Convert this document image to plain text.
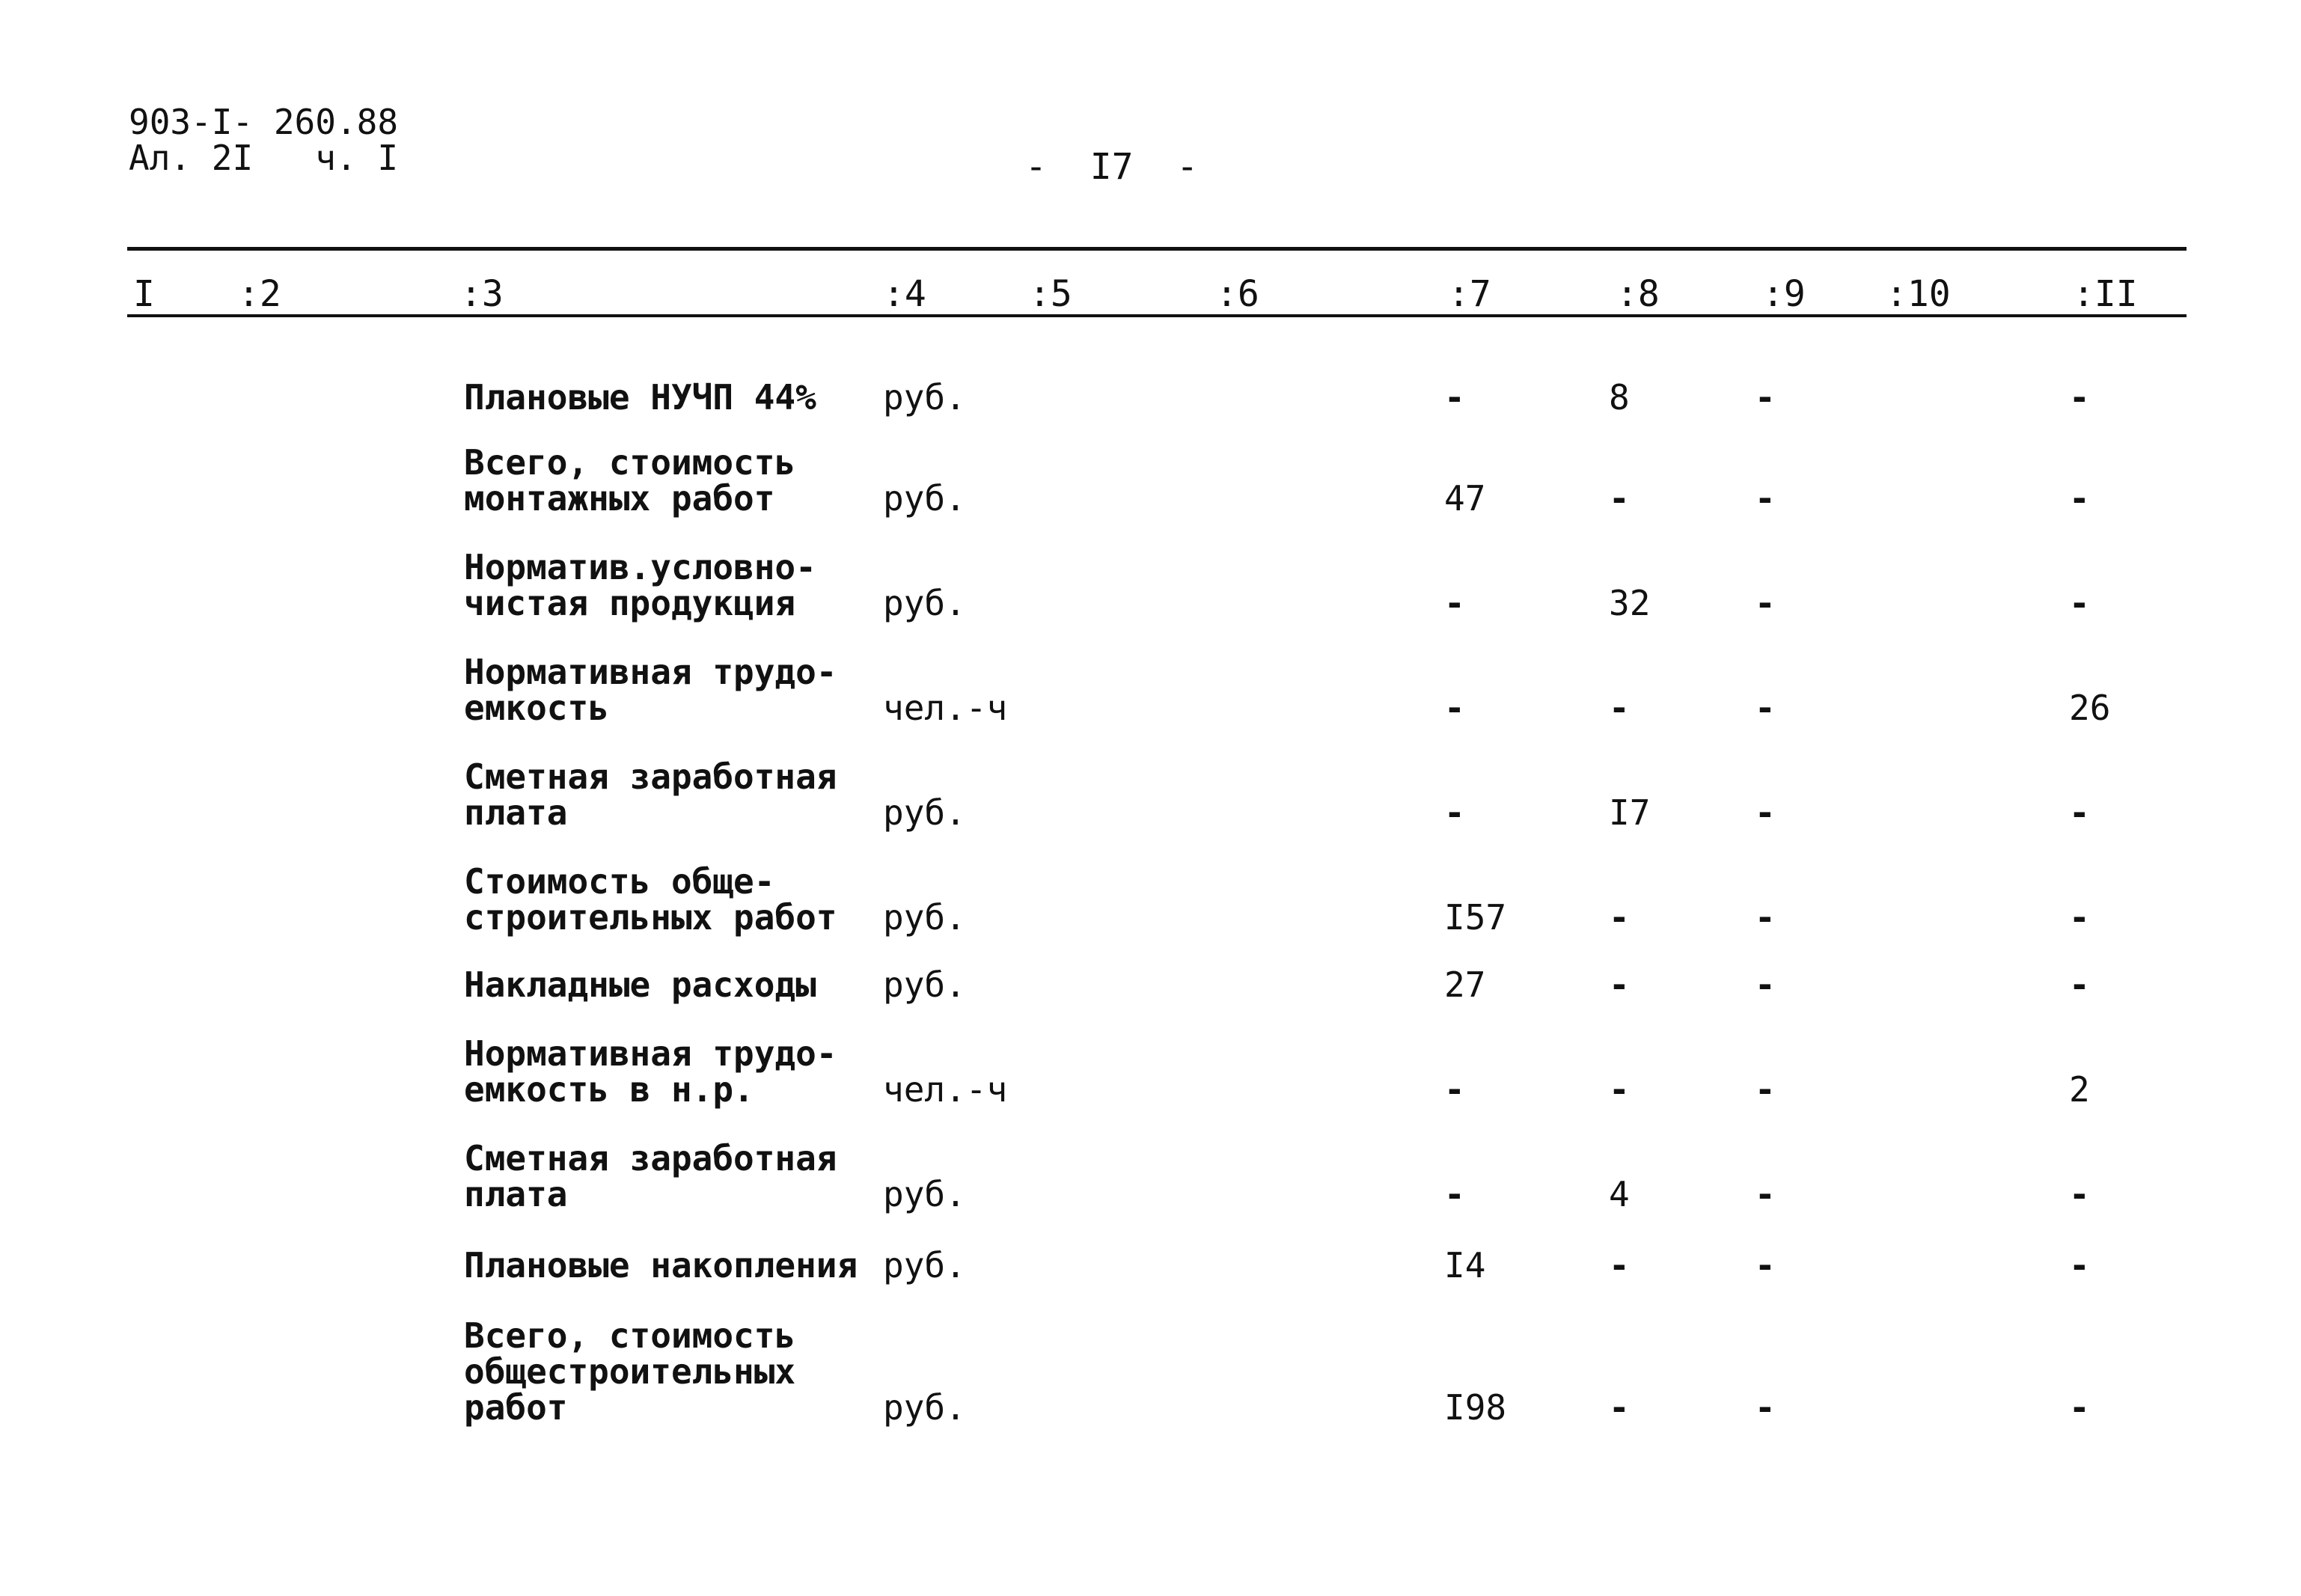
903-I- 260.88
Ал. 2I   ч. I	-  I7  -
I :2	:3	:4	:5	:6	:7	:8	:9 :10	:II
Плановые НУЧП 44% руб.	-	8	-	-
Всего, стоимость
монтажных работ	руб.	47	-	-	-
Норматив.условно-
чистая продукция	руб.	-	32	-	-
Нормативная трудо-
емкость	чел.-ч	-	-	-	26
Сметная заработная
плата	руб.	-	I7	-	-
Стоимость обще-
строительных работ руб.	I57	-	-	-
Накладные расходы руб.	27	-	-	-
Нормативная трудо-
емкость в н.р.	чел.-ч	-	-	-	2
Сметная заработная
плата	руб.	-	4	-	-
Плановые накопления руб.	I4	-	-	-
Всего, стоимость
общестроительных
работ	руб.	I98	-	-	-
